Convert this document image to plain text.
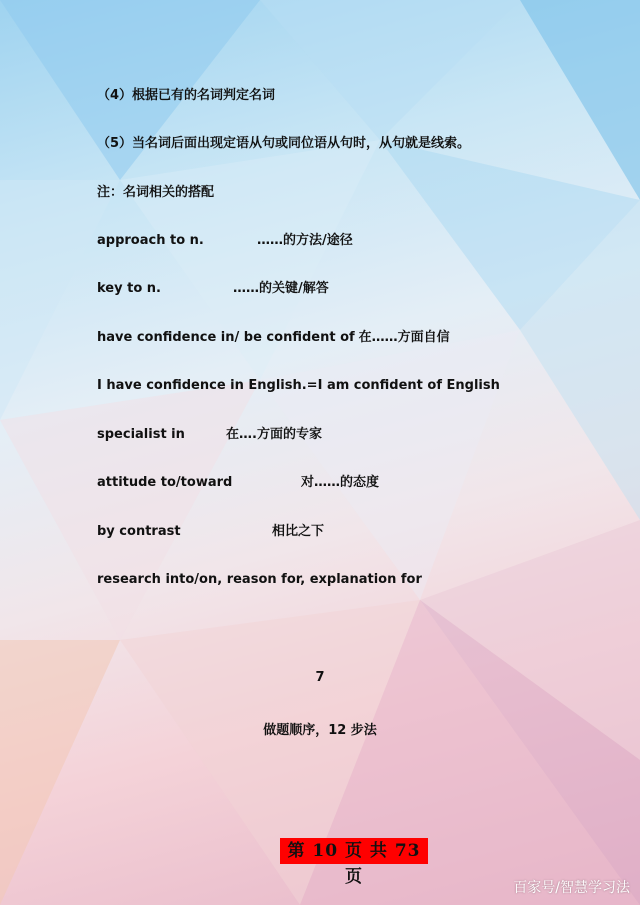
（4）根据已有的名词判定名词
（5）当名词后面出现定语从句或同位语从句时，从句就是线索。
注：名词相关的搭配
approach to n.	……的方法/途径
key to n.	……的关键/解答
have confidence in/ be confident of 在……方面自信
I have confidence in English.=I am confident of English
specialist in	在….方面的专家
attitude to/toward	对……的态度
by contrast	相比之下
research into/on, reason for, explanation for
7
做题顺序，12 步法
第 10 页 共 73 页
百家号/智慧学习法
